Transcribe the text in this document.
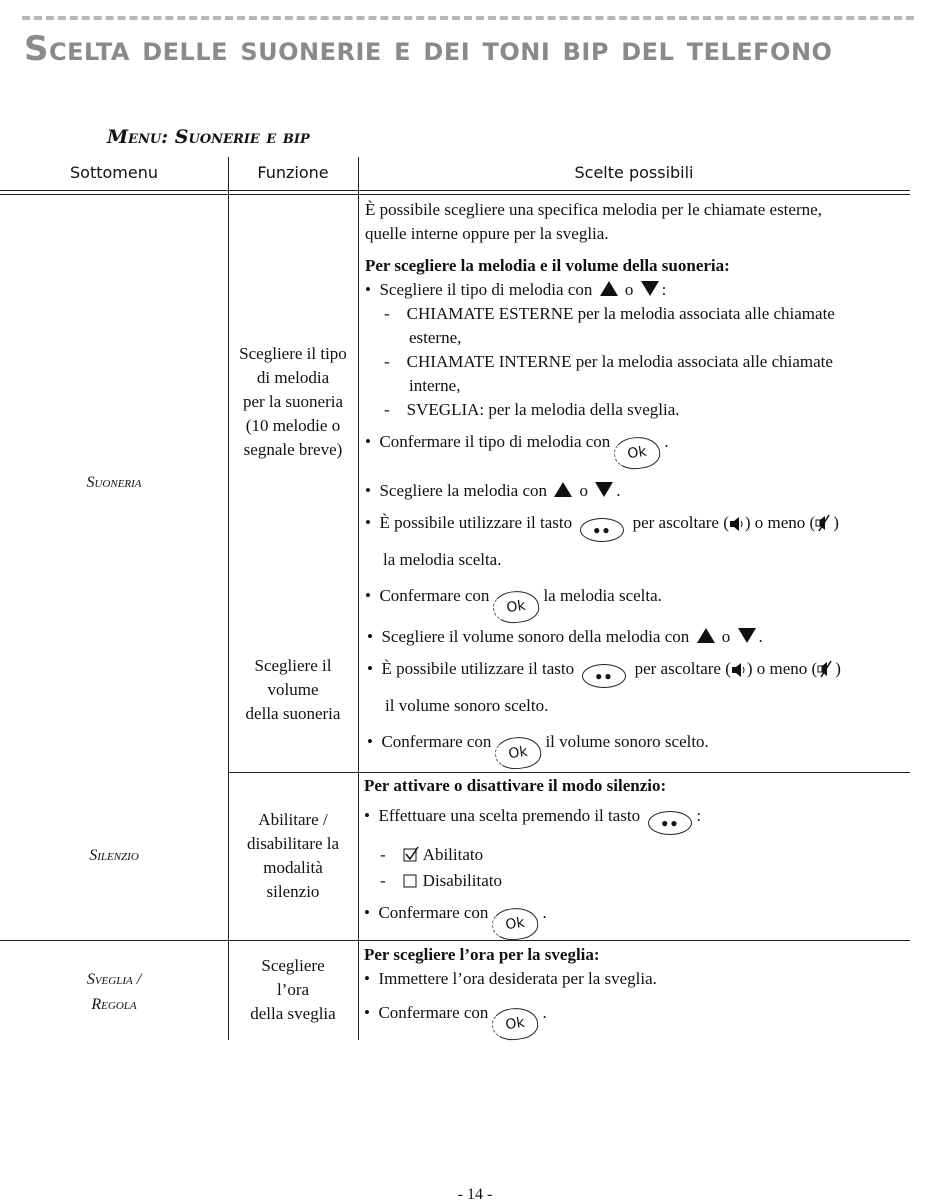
Scelta delle suonerie e dei toni bip del telefono
Menu: Suonerie e bip
Sottomenu	Funzione	Scelte possibili
Suoneria
Scegliere il tipo
di melodia
per la suoneria
(10 melodie o
segnale breve)
È possibile scegliere una specifica melodia per le chiamate esterne,
quelle interne oppure per la sveglia.
Per scegliere la melodia e il volume della suoneria:
• Scegliere il tipo di melodia con o :
- CHIAMATE ESTERNE per la melodia associata alle chiamate
esterne,
- CHIAMATE INTERNE per la melodia associata alle chiamate
interne,
- SVEGLIA: per la melodia della sveglia.
• Confermare il tipo di melodia conOk.
• Scegliere la melodia con o .
• È possibile utilizzare il tasto ●● per ascoltare ( ) o meno ( )
la melodia scelta.
• Confermare conOkla melodia scelta.
Scegliere il
volume
della suoneria
• Scegliere il volume sonoro della melodia con o .
• È possibile utilizzare il tasto ●● per ascoltare ( ) o meno ( )
il volume sonoro scelto.
• Confermare conOkil volume sonoro scelto.
Silenzio
Abilitare /
disabilitare la
modalità
silenzio
Per attivare o disattivare il modo silenzio:
• Effettuare una scelta premendo il tasto ●● :
- Abilitato
- Disabilitato
• Confermare conOk.
Sveglia /
Regola
Scegliere
l’ora
della sveglia
Per scegliere l’ora per la sveglia:
• Immettere l’ora desiderata per la sveglia.
• Confermare conOk.
- 14 -
